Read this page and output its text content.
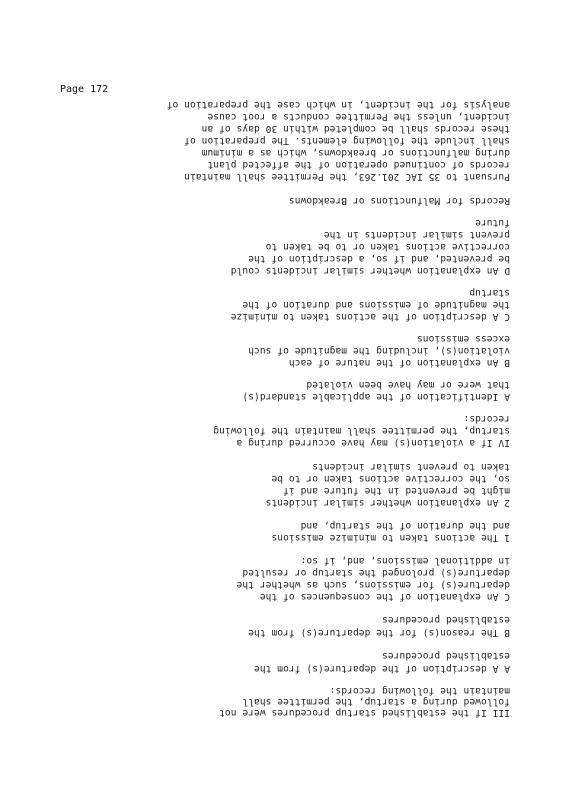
Page 172
III If the established startup procedures were not
followed during a startup, the permittee shall
maintain the following records:
A A description of the departure(s) from the
established procedures
B The reason(s) for the departure(s) from the
established procedures
C An explanation of the consequences of the
departure(s) for emissions, such as whether the
departure(s) prolonged the startup or resulted
in additional emissions, and, if so:
1 The actions taken to minimize emissions
and the duration of the startup, and
2 An explanation whether similar incidents
might be prevented in the future and if
so, the corrective actions taken or to be
taken to prevent similar incidents
IV If a violation(s) may have occurred during a
startup, the permittee shall maintain the following
records:
A Identification of the applicable standard(s)
that were or may have been violated
B An explanation of the nature of each
violation(s), including the magnitude of such
excess emissions
C A description of the actions taken to minimize
the magnitude of emissions and duration of the
startup
D An explanation whether similar incidents could
be prevented, and if so, a description of the
corrective actions taken or to be taken to
prevent similar incidents in the
future
Records for Malfunctions or Breakdowns
Pursuant to 35 IAC 201.263, the Permittee shall maintain
records of continued operation of the affected plant
during malfunctions or breakdowns, which as a minimum
shall include the following elements. The preparation of
these records shall be completed within 30 days of an
incident, unless the Permittee conducts a root cause
analysis for the incident, in which case the preparation of
